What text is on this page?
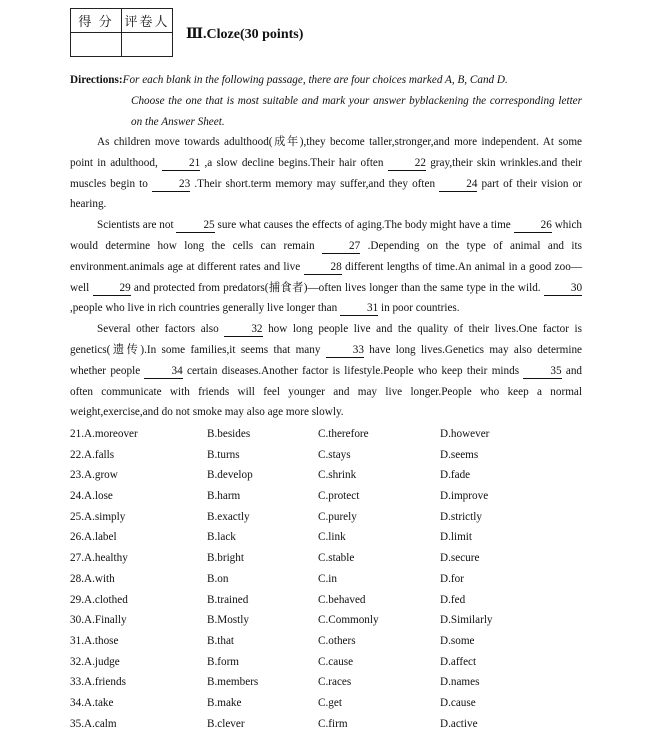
得 分	评卷人

Ⅲ.Cloze(30 points)
Directions:For each blank in the following passage, there are four choices marked A, B, Cand D.
Choose the one that is most suitable and mark your answer byblackening the corresponding letter on the Answer Sheet.

As children move towards adulthood(成年),they become taller,stronger,and more independent. At some point in adulthood,	21 ,a slow decline begins.Their hair often	22 gray,their skin wrinkles.and their muscles begin to	23 .Their short.term memory may suffer,and they often	24 part of their vision or hearing.

Scientists are not	25 sure what causes the effects of aging.The body might have a time	26 which would determine how long the cells can remain	27 .Depending on the type of animal and its environment.animals age at different rates and live	28 different lengths of time.An animal in a good zoo—well	29 and protected from predators(捕食者)—often lives longer than the same type in the wild.	30 ,people who live in rich countries generally live longer than	31 in poor countries.

Several other factors also	32 how long people live and the quality of their lives.One factor is genetics(遗传).In some families,it seems that many	33 have long lives.Genetics may also determine whether people	34 certain diseases.Another factor is lifestyle.People who keep their minds	35 and often communicate with friends will feel younger and may live longer.People who keep a normal weight,exercise,and do not smoke may also age more slowly.

21.A.moreover	B.besides	C.therefore	D.however
22.A.falls	B.turns	C.stays	D.seems
23.A.grow	B.develop	C.shrink	D.fade
24.A.lose	B.harm	C.protect	D.improve
25.A.simply	B.exactly	C.purely	D.strictly
26.A.label	B.lack	C.link	D.limit
27.A.healthy	B.bright	C.stable	D.secure
28.A.with	B.on	C.in	D.for
29.A.clothed	B.trained	C.behaved	D.fed
30.A.Finally	B.Mostly	C.Commonly	D.Similarly
31.A.those	B.that	C.others	D.some
32.A.judge	B.form	C.cause	D.affect
33.A.friends	B.members	C.races	D.names
34.A.take	B.make	C.get	D.cause
35.A.calm	B.clever	C.firm	D.active
